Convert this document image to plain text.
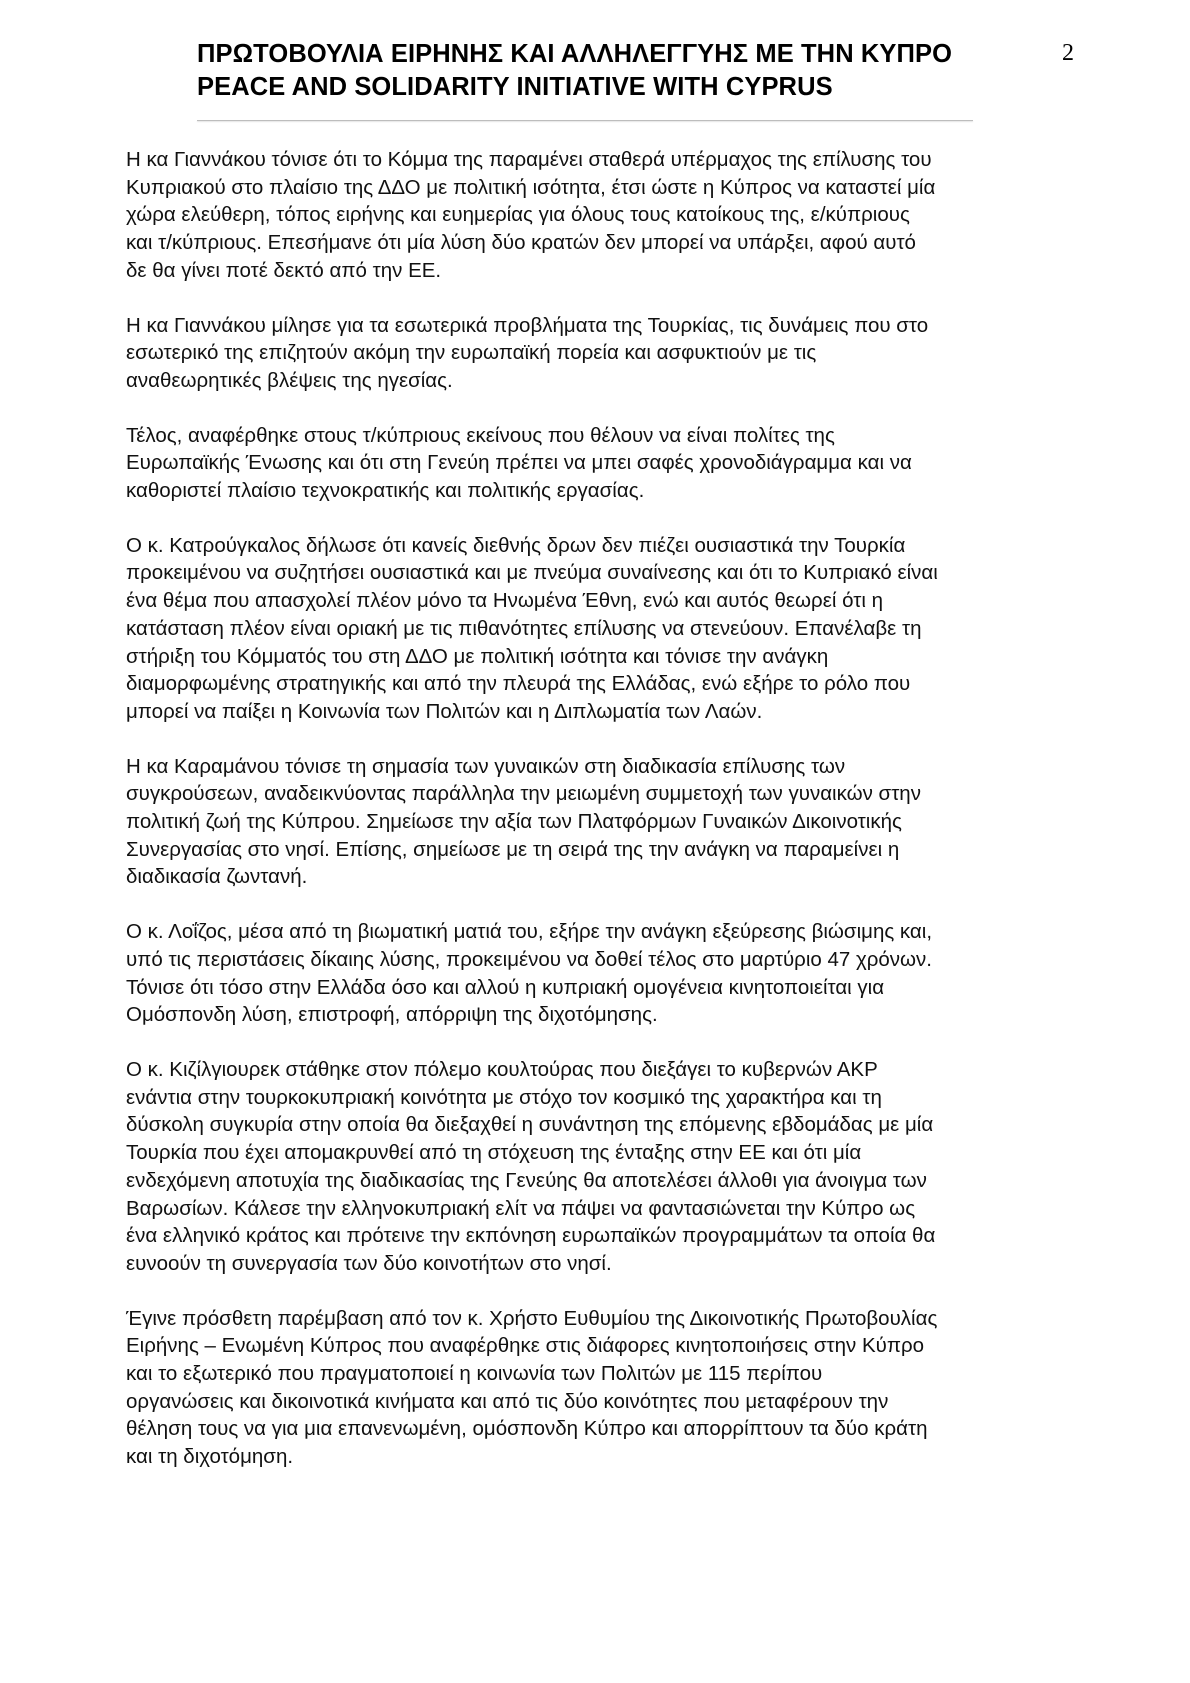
ΠΡΩΤΟΒΟΥΛΙΑ ΕΙΡΗΝΗΣ ΚΑΙ ΑΛΛΗΛΕΓΓΥΗΣ ΜΕ ΤΗΝ ΚΥΠΡΟ
PEACE AND SOLIDARITY INITIATIVE WITH CYPRUS
2

Η κα Γιαννάκου τόνισε ότι το Κόμμα της παραμένει σταθερά υπέρμαχος της επίλυσης του
Κυπριακού στο πλαίσιο της ΔΔΟ με πολιτική ισότητα, έτσι ώστε η Κύπρος να καταστεί μία
χώρα ελεύθερη, τόπος ειρήνης και ευημερίας για όλους τους κατοίκους της, ε/κύπριους
και τ/κύπριους. Επεσήμανε ότι μία λύση δύο κρατών δεν μπορεί να υπάρξει, αφού αυτό
δε θα γίνει ποτέ δεκτό από την ΕΕ.

Η κα Γιαννάκου μίλησε για τα εσωτερικά προβλήματα της Τουρκίας, τις δυνάμεις που στο
εσωτερικό της επιζητούν ακόμη την ευρωπαϊκή πορεία και ασφυκτιούν με τις
αναθεωρητικές βλέψεις της ηγεσίας.

Τέλος, αναφέρθηκε στους τ/κύπριους εκείνους που θέλουν να είναι πολίτες της
Ευρωπαϊκής Ένωσης και ότι στη Γενεύη πρέπει να μπει σαφές χρονοδιάγραμμα και να
καθοριστεί πλαίσιο τεχνοκρατικής και πολιτικής εργασίας.

Ο κ. Κατρούγκαλος δήλωσε ότι κανείς διεθνής δρων δεν πιέζει ουσιαστικά την Τουρκία
προκειμένου να συζητήσει ουσιαστικά και με πνεύμα συναίνεσης και ότι το Κυπριακό είναι
ένα θέμα που απασχολεί πλέον μόνο τα Ηνωμένα Έθνη, ενώ και αυτός θεωρεί ότι η
κατάσταση πλέον είναι οριακή με τις πιθανότητες επίλυσης να στενεύουν. Επανέλαβε τη
στήριξη του Κόμματός του στη ΔΔΟ με πολιτική ισότητα και τόνισε την ανάγκη
διαμορφωμένης στρατηγικής και από την πλευρά της Ελλάδας, ενώ εξήρε το ρόλο που
μπορεί να παίξει η Κοινωνία των Πολιτών και η Διπλωματία των Λαών.

Η κα Καραμάνου τόνισε τη σημασία των γυναικών στη διαδικασία επίλυσης των
συγκρούσεων, αναδεικνύοντας παράλληλα την μειωμένη συμμετοχή των γυναικών στην
πολιτική ζωή της Κύπρου. Σημείωσε την αξία των Πλατφόρμων Γυναικών Δικοινοτικής
Συνεργασίας στο νησί. Επίσης, σημείωσε με τη σειρά της την ανάγκη να παραμείνει η
διαδικασία ζωντανή.

Ο κ. Λοΐζος, μέσα από τη βιωματική ματιά του, εξήρε την ανάγκη εξεύρεσης βιώσιμης και,
υπό τις περιστάσεις δίκαιης λύσης, προκειμένου να δοθεί τέλος στο μαρτύριο 47 χρόνων.
Τόνισε ότι τόσο στην Ελλάδα όσο και αλλού η κυπριακή ομογένεια κινητοποιείται για
Ομόσπονδη λύση, επιστροφή, απόρριψη της διχοτόμησης.

Ο κ. Κιζίλγιουρεκ στάθηκε στον πόλεμο κουλτούρας που διεξάγει το κυβερνών ΑΚΡ
ενάντια στην τουρκοκυπριακή κοινότητα με στόχο τον κοσμικό της χαρακτήρα και τη
δύσκολη συγκυρία στην οποία θα διεξαχθεί η συνάντηση της επόμενης εβδομάδας με μία
Τουρκία που έχει απομακρυνθεί από τη στόχευση της ένταξης στην ΕΕ και ότι μία
ενδεχόμενη αποτυχία της διαδικασίας της Γενεύης θα αποτελέσει άλλοθι για άνοιγμα των
Βαρωσίων. Κάλεσε την ελληνοκυπριακή ελίτ να πάψει να φαντασιώνεται την Κύπρο ως
ένα ελληνικό κράτος και πρότεινε την εκπόνηση ευρωπαϊκών προγραμμάτων τα οποία θα
ευνοούν τη συνεργασία των δύο κοινοτήτων στο νησί.

Έγινε πρόσθετη παρέμβαση από τον κ. Χρήστο Ευθυμίου της Δικοινοτικής Πρωτοβουλίας
Ειρήνης – Ενωμένη Κύπρος που αναφέρθηκε στις διάφορες κινητοποιήσεις στην Κύπρο
και το εξωτερικό που πραγματοποιεί η κοινωνία των Πολιτών με 115 περίπου
οργανώσεις και δικοινοτικά κινήματα και από τις δύο κοινότητες που μεταφέρουν την
θέληση τους να για μια επανενωμένη, ομόσπονδη Κύπρο και απορρίπτουν τα δύο κράτη
και τη διχοτόμηση.
